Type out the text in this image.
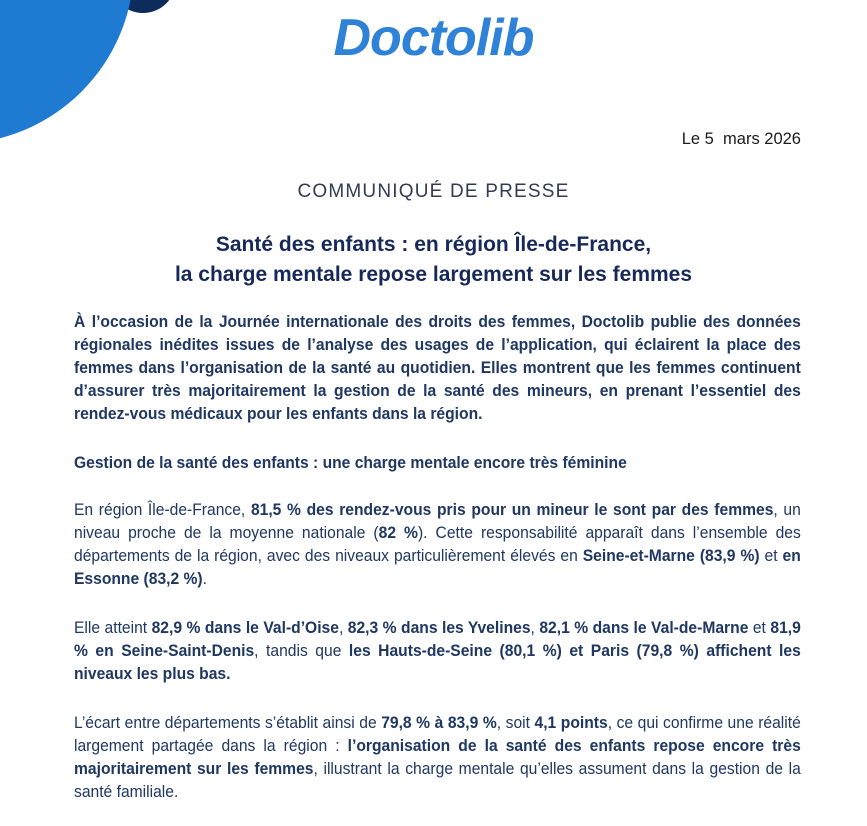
Doctolib
Le 5  mars 2026
COMMUNIQUÉ DE PRESSE
Santé des enfants : en région Île-de-France,
la charge mentale repose largement sur les femmes

À l’occasion de la Journée internationale des droits des femmes, Doctolib publie des données régionales inédites issues de l’analyse des usages de l’application, qui éclairent la place des femmes dans l’organisation de la santé au quotidien. Elles montrent que les femmes continuent d’assurer très majoritairement la gestion de la santé des mineurs, en prenant l’essentiel des rendez-vous médicaux pour les enfants dans la région.

Gestion de la santé des enfants : une charge mentale encore très féminine

En région Île-de-France, 81,5 % des rendez-vous pris pour un mineur le sont par des femmes, un niveau proche de la moyenne nationale (82 %). Cette responsabilité apparaît dans l’ensemble des départements de la région, avec des niveaux particulièrement élevés en Seine-et-Marne (83,9 %) et en Essonne (83,2 %).

Elle atteint 82,9 % dans le Val-d’Oise, 82,3 % dans les Yvelines, 82,1 % dans le Val-de-Marne et 81,9 % en Seine-Saint-Denis, tandis que les Hauts-de-Seine (80,1 %) et Paris (79,8 %) affichent les niveaux les plus bas.

L’écart entre départements s’établit ainsi de 79,8 % à 83,9 %, soit 4,1 points, ce qui confirme une réalité largement partagée dans la région : l’organisation de la santé des enfants repose encore très majoritairement sur les femmes, illustrant la charge mentale qu’elles assument dans la gestion de la santé familiale.
